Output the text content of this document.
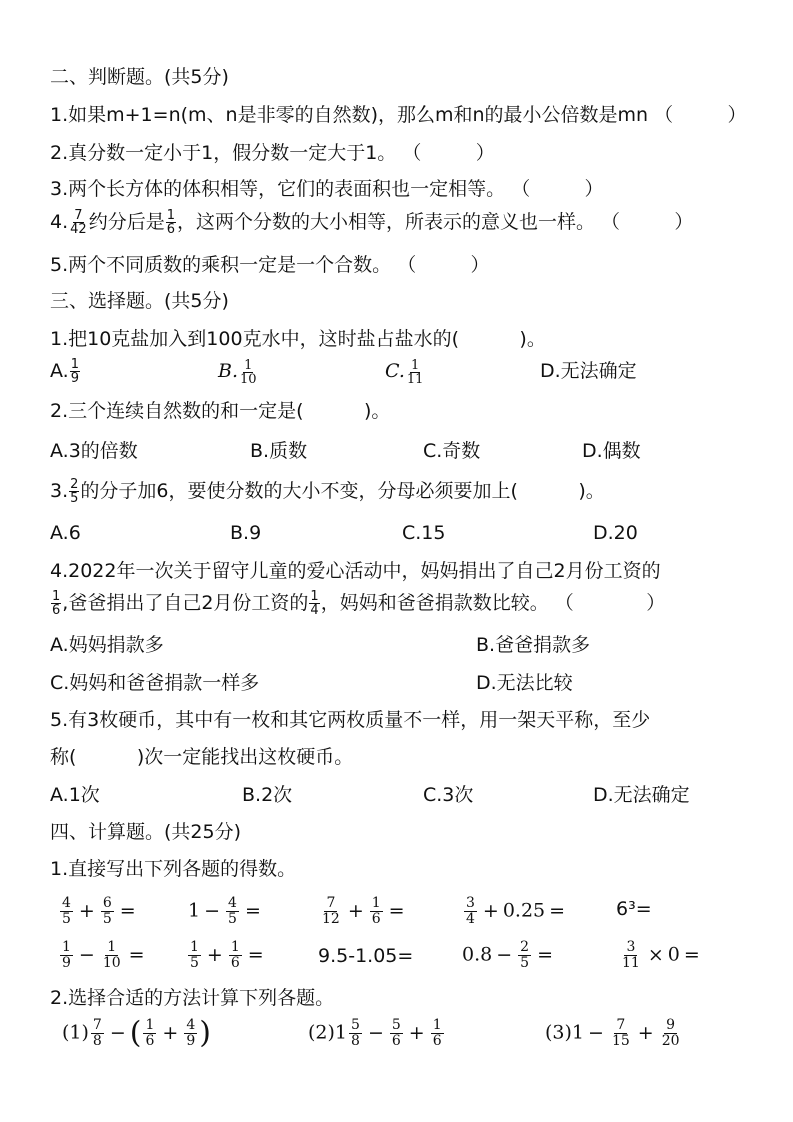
二、判断题。(共5分)
1.如果m+1=n(m、n是非零的自然数)，那么m和n的最小公倍数是mn （         ）
2.真分数一定小于1，假分数一定大于1。 （         ）
3.两个长方体的体积相等，它们的表面积也一定相等。 （         ）
4. $\frac{7}{42}$ 约分后是 $\frac{1}{6}$ ，这两个分数的大小相等，所表示的意义也一样。 （         ）
5.两个不同质数的乘积一定是一个合数。 （         ）
三、选择题。(共5分)
1.把10克盐加入到100克水中，这时盐占盐水的(          )。
A. $\frac{1}{9}$	B. $\frac{1}{10}$	C. $\frac{1}{11}$	D.无法确定
2.三个连续自然数的和一定是(          )。
A.3的倍数	B.质数	C.奇数	D.偶数
3. $\frac{2}{5}$ 的分子加6，要使分数的大小不变，分母必须要加上(          )。
A.6	B.9	C.15	D.20
4.2022年一次关于留守儿童的爱心活动中，妈妈捐出了自己2月份工资的
$\frac{1}{6}$ ,爸爸捐出了自己2月份工资的 $\frac{1}{4}$ ，妈妈和爸爸捐款数比较。 （            ）
A.妈妈捐款多	B.爸爸捐款多
C.妈妈和爸爸捐款一样多	D.无法比较
5.有3枚硬币，其中有一枚和其它两枚质量不一样，用一架天平称，至少
称(          )次一定能找出这枚硬币。
A.1次	B.2次	C.3次	D.无法确定
四、计算题。(共25分)
1.直接写出下列各题的得数。
$\frac{4}{5} + \frac{6}{5}$ =	$1 - \frac{4}{5}$ =	$\frac{7}{12} + \frac{1}{6}$ =	$\frac{3}{4} + 0.25$ =	6³=
$\frac{1}{9} - \frac{1}{10}$ =	$\frac{1}{5} + \frac{1}{6}$ =	9.5-1.05=	$0.8 - \frac{2}{5}$ =	$\frac{3}{11} \times 0$ =
2.选择合适的方法计算下列各题。
$(1) \frac{7}{8}$ − ( $\frac{1}{6} + \frac{4}{9}$ )	$(2)1 \frac{5}{8} - \frac{5}{6} + \frac{1}{6}$	$(3)1 - \frac{7}{15} + \frac{9}{20}$
